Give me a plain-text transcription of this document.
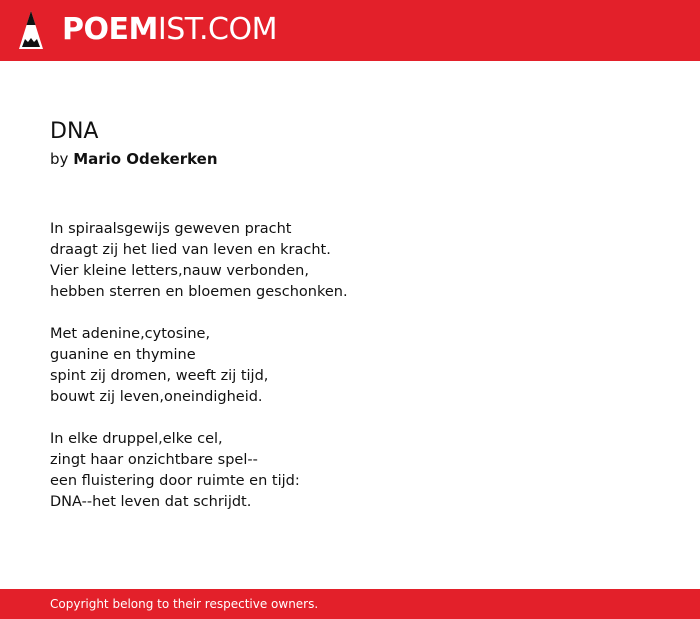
POEMIST.COM
DNA
by Mario Odekerken
In spiraalsgewijs geweven pracht
draagt zij het lied van leven en kracht.
Vier kleine letters,nauw verbonden,
hebben sterren en bloemen geschonken.
Met adenine,cytosine,
guanine en thymine
spint zij dromen, weeft zij tijd,
bouwt zij leven,oneindigheid.
In elke druppel,elke cel,
zingt haar onzichtbare spel--
een fluistering door ruimte en tijd:
DNA--het leven dat schrijdt.
Copyright belong to their respective owners.
